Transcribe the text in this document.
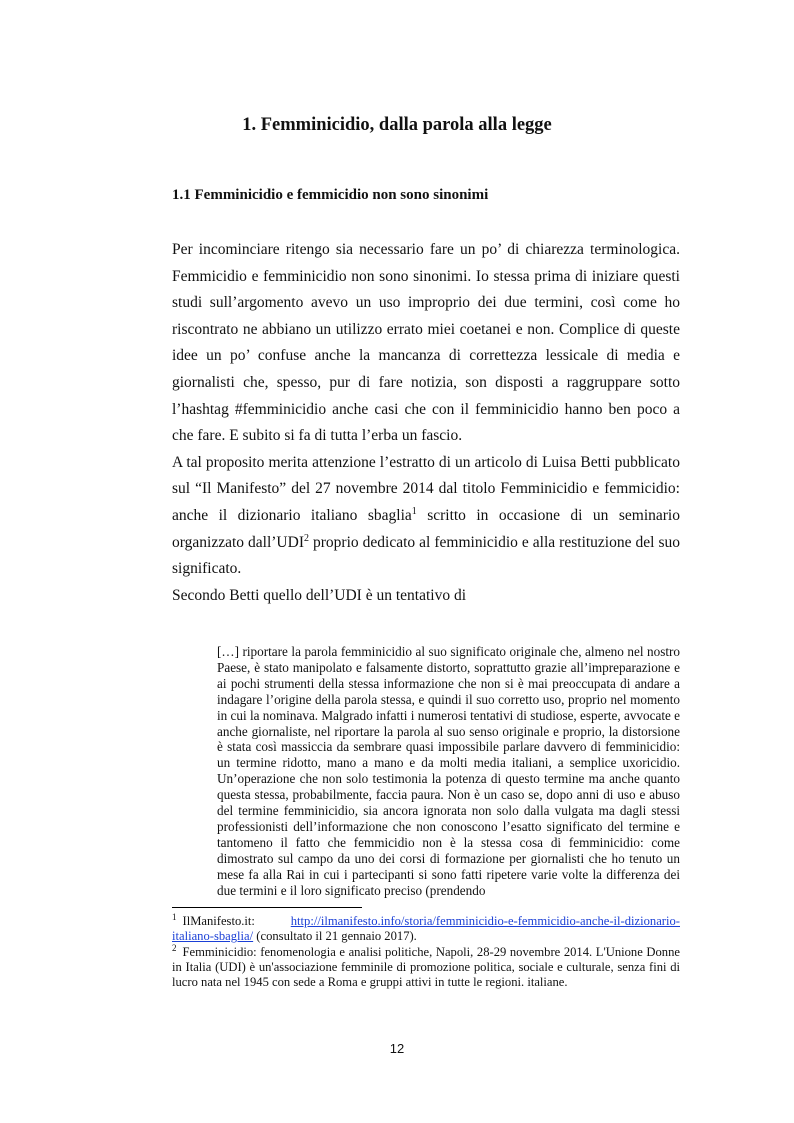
1. Femminicidio, dalla parola alla legge
1.1 Femminicidio e femmicidio non sono sinonimi

Per incominciare ritengo sia necessario fare un po’ di chiarezza terminologica. Femmicidio e femminicidio non sono sinonimi. Io stessa prima di iniziare questi studi sull’argomento avevo un uso improprio dei due termini, così come ho riscontrato ne abbiano un utilizzo errato miei coetanei e non. Complice di queste idee un po’ confuse anche la mancanza di correttezza lessicale di media e giornalisti che, spesso, pur di fare notizia, son disposti a raggruppare sotto l’hashtag #femminicidio anche casi che con il femminicidio hanno ben poco a che fare. E subito si fa di tutta l’erba un fascio.

A tal proposito merita attenzione l’estratto di un articolo di Luisa Betti pubblicato sul “Il Manifesto” del 27 novembre 2014 dal titolo Femminicidio e femmicidio: anche il dizionario italiano sbaglia$^1$ scritto in occasione di un seminario organizzato dall’UDI$^2$ proprio dedicato al femminicidio e alla restituzione del suo significato.

Secondo Betti quello dell’UDI è un tentativo di

[…] riportare la parola femminicidio al suo significato originale che, almeno nel nostro Paese, è stato manipolato e falsamente distorto, soprattutto grazie all’impreparazione e ai pochi strumenti della stessa informazione che non si è mai preoccupata di andare a indagare l’origine della parola stessa, e quindi il suo corretto uso, proprio nel momento in cui la nominava. Malgrado infatti i numerosi tentativi di studiose, esperte, avvocate e anche giornaliste, nel riportare la parola al suo senso originale e proprio, la distorsione è stata così massiccia da sembrare quasi impossibile parlare davvero di femminicidio: un termine ridotto, mano a mano e da molti media italiani, a semplice uxoricidio. Un’operazione che non solo testimonia la potenza di questo termine ma anche quanto questa stessa, probabilmente, faccia paura. Non è un caso se, dopo anni di uso e abuso del termine femminicidio, sia ancora ignorata non solo dalla vulgata ma dagli stessi professionisti dell’informazione che non conoscono l’esatto significato del termine e tantomeno il fatto che femmicidio non è la stessa cosa di femminicidio: come dimostrato sul campo da uno dei corsi di formazione per giornalisti che ho tenuto un mese fa alla Rai in cui i partecipanti si sono fatti ripetere varie volte la differenza dei due termini e il loro significato preciso (prendendo

$^1$ IlManifesto.it: http://ilmanifesto.info/storia/femminicidio-e-femmicidio-anche-il-dizionario-italiano-sbaglia/ (consultato il 21 gennaio 2017).

$^2$ Femminicidio: fenomenologia e analisi politiche, Napoli, 28-29 novembre 2014. L'Unione Donne in Italia (UDI) è un'associazione femminile di promozione politica, sociale e culturale, senza fini di lucro nata nel 1945 con sede a Roma e gruppi attivi in tutte le regioni. italiane.

12
